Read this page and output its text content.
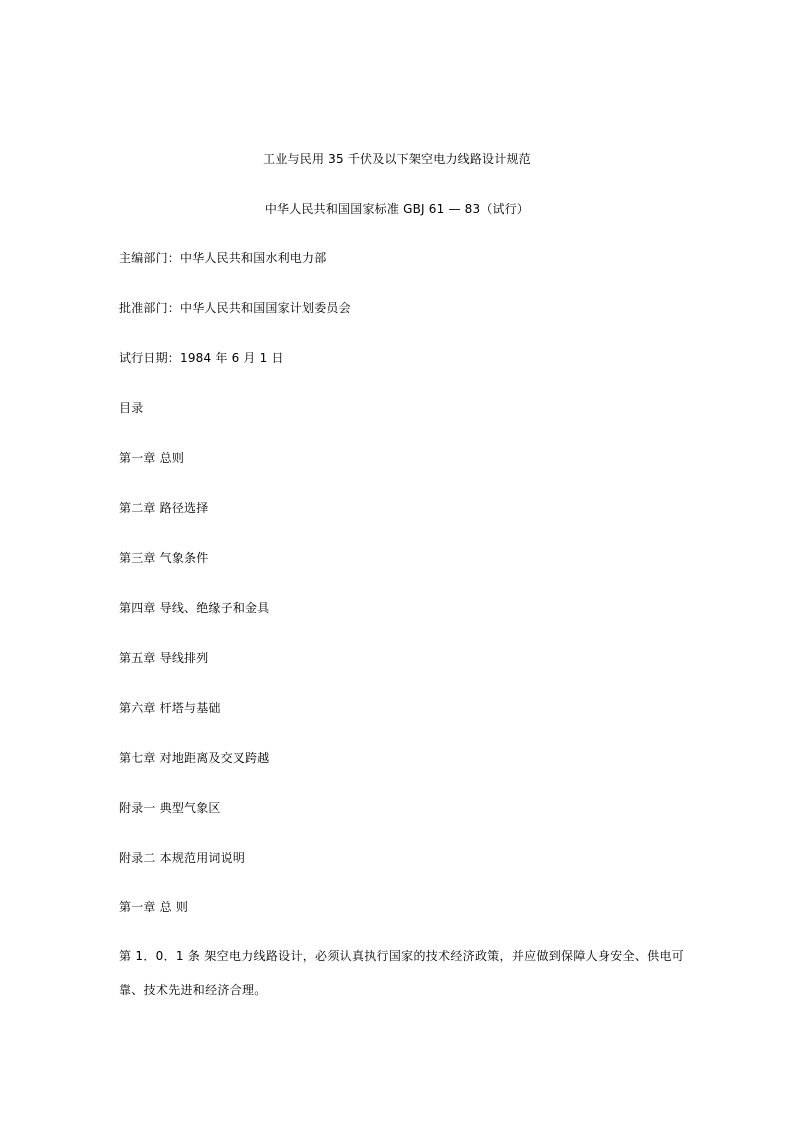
工业与民用 35 千伏及以下架空电力线路设计规范
中华人民共和国国家标准 GBJ 61 — 83（试行）
主编部门：中华人民共和国水利电力部
批准部门：中华人民共和国国家计划委员会
试行日期：1984 年 6 月 1 日
目录
第一章 总则
第二章 路径选择
第三章 气象条件
第四章 导线、绝缘子和金具
第五章 导线排列
第六章 杆塔与基础
第七章 对地距离及交叉跨越
附录一 典型气象区
附录二 本规范用词说明
第一章 总 则
第 1．0．1 条 架空电力线路设计，必须认真执行国家的技术经济政策，并应做到保障人身安全、供电可靠、技术先进和经济合理。
